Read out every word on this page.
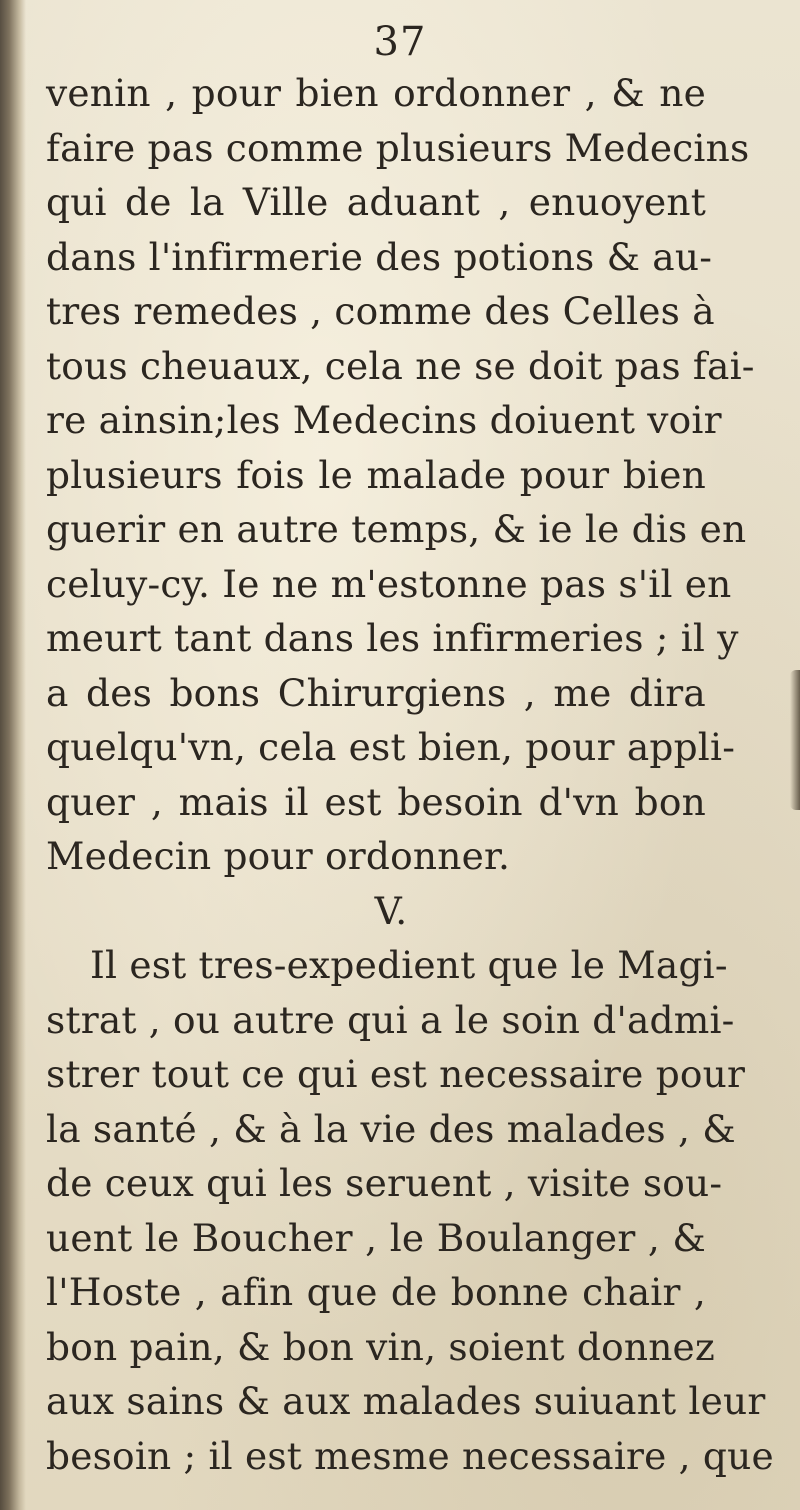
37
venin , pour bien ordonner , & ne
faire pas comme plusieurs Medecins
qui de la Ville aduant , enuoyent
dans l'infirmerie des potions & au-
tres remedes , comme des Celles à
tous cheuaux, cela ne se doit pas fai-
re ainsin;les Medecins doiuent voir
plusieurs fois le malade pour bien
guerir en autre temps, & ie le dis en
celuy-cy. Ie ne m'estonne pas s'il en
meurt tant dans les infirmeries ; il y
a des bons Chirurgiens , me dira
quelqu'vn, cela est bien, pour appli-
quer , mais il est besoin d'vn bon
Medecin pour ordonner.
V.
Il est tres-expedient que le Magi-
strat , ou autre qui a le soin d'admi-
strer tout ce qui est necessaire pour
la santé , & à la vie des malades , &
de ceux qui les seruent , visite sou-
uent le Boucher , le Boulanger , &
l'Hoste , afin que de bonne chair ,
bon pain, & bon vin, soient donnez
aux sains & aux malades suiuant leur
besoin ; il est mesme necessaire , que
